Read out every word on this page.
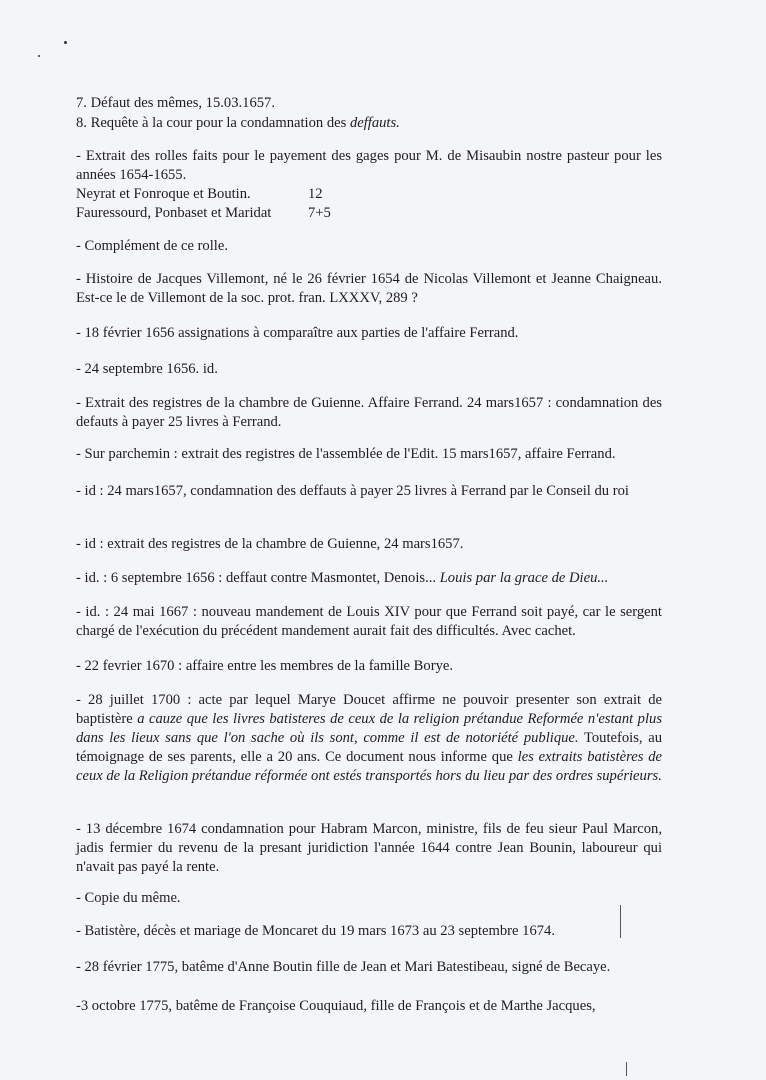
7. Défaut des mêmes, 15.03.1657.

8. Requête à la cour pour la condamnation des deffauts.

- Extrait des rolles faits pour le payement des gages pour M. de Misaubin nostre pasteur pour les années 1654-1655.

Neyrat et Fonroque et Boutin.	12
Fauressourd, Ponbaset et Maridat	7+5

- Complément de ce rolle.

- Histoire de Jacques Villemont, né le 26 février 1654 de Nicolas Villemont et Jeanne Chaigneau. Est-ce le de Villemont de la soc. prot. fran. LXXXV, 289 ?

- 18 février 1656 assignations à comparaître aux parties de l'affaire Ferrand.

- 24 septembre 1656. id.

- Extrait des registres de la chambre de Guienne. Affaire Ferrand. 24 mars1657 : condamnation des defauts à payer 25 livres à Ferrand.

- Sur parchemin : extrait des registres de l'assemblée de l'Edit. 15 mars1657, affaire Ferrand.

- id : 24 mars1657, condamnation des deffauts à payer 25 livres à Ferrand par le Conseil du roi

- id : extrait des registres de la chambre de Guienne, 24 mars1657.

- id. : 6 septembre 1656 : deffaut contre Masmontet, Denois... Louis par la grace de Dieu...

- id. : 24 mai 1667 : nouveau mandement de Louis XIV pour que Ferrand soit payé, car le sergent chargé de l'exécution du précédent mandement aurait fait des difficultés. Avec cachet.

- 22 fevrier 1670 : affaire entre les membres de la famille Borye.

- 28 juillet 1700 : acte par lequel Marye Doucet affirme ne pouvoir presenter son extrait de baptistère a cauze que les livres batisteres de ceux de la religion prétandue Reformée n'estant plus dans les lieux sans que l'on sache où ils sont, comme il est de notoriété publique. Toutefois, au témoignage de ses parents, elle a 20 ans. Ce document nous informe que les extraits batistères de ceux de la Religion prétandue réformée ont estés transportés hors du lieu par des ordres supérieurs.

- 13 décembre 1674 condamnation pour Habram Marcon, ministre, fils de feu sieur Paul Marcon, jadis fermier du revenu de la presant juridiction l'année 1644 contre Jean Bounin, laboureur qui n'avait pas payé la rente.

- Copie du même.

- Batistère, décès et mariage de Moncaret du 19 mars 1673 au 23 septembre 1674.

- 28 février 1775, batême d'Anne Boutin fille de Jean et Mari Batestibeau, signé de Becaye.

-3 octobre 1775, batême de Françoise Couquiaud, fille de François et de Marthe Jacques,
